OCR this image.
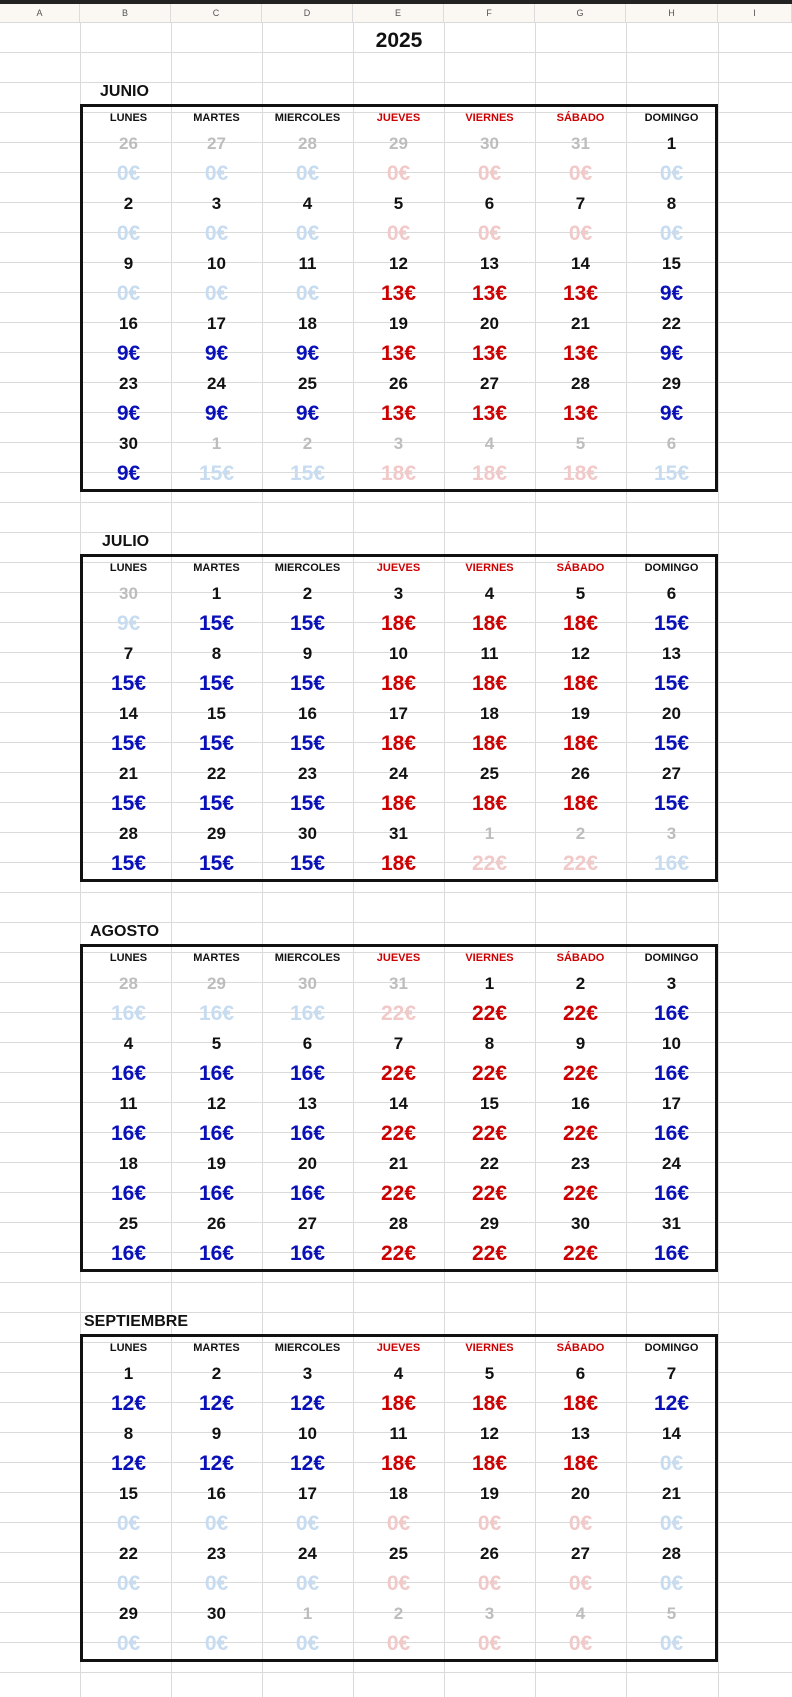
A	B	C	D	E	F	G	H	I
2025
JUNIO
LUNES	MARTES	MIERCOLES	JUEVES	VIERNES	SÁBADO	DOMINGO
26	27	28	29	30	31	1
0€	0€	0€	0€	0€	0€	0€
2	3	4	5	6	7	8
0€	0€	0€	0€	0€	0€	0€
9	10	11	12	13	14	15
0€	0€	0€	13€	13€	13€	9€
16	17	18	19	20	21	22
9€	9€	9€	13€	13€	13€	9€
23	24	25	26	27	28	29
9€	9€	9€	13€	13€	13€	9€
30	1	2	3	4	5	6
9€	15€	15€	18€	18€	18€	15€
JULIO
LUNES	MARTES	MIERCOLES	JUEVES	VIERNES	SÁBADO	DOMINGO
30	1	2	3	4	5	6
9€	15€	15€	18€	18€	18€	15€
7	8	9	10	11	12	13
15€	15€	15€	18€	18€	18€	15€
14	15	16	17	18	19	20
15€	15€	15€	18€	18€	18€	15€
21	22	23	24	25	26	27
15€	15€	15€	18€	18€	18€	15€
28	29	30	31	1	2	3
15€	15€	15€	18€	22€	22€	16€
AGOSTO
LUNES	MARTES	MIERCOLES	JUEVES	VIERNES	SÁBADO	DOMINGO
28	29	30	31	1	2	3
16€	16€	16€	22€	22€	22€	16€
4	5	6	7	8	9	10
16€	16€	16€	22€	22€	22€	16€
11	12	13	14	15	16	17
16€	16€	16€	22€	22€	22€	16€
18	19	20	21	22	23	24
16€	16€	16€	22€	22€	22€	16€
25	26	27	28	29	30	31
16€	16€	16€	22€	22€	22€	16€
SEPTIEMBRE
LUNES	MARTES	MIERCOLES	JUEVES	VIERNES	SÁBADO	DOMINGO
1	2	3	4	5	6	7
12€	12€	12€	18€	18€	18€	12€
8	9	10	11	12	13	14
12€	12€	12€	18€	18€	18€	0€
15	16	17	18	19	20	21
0€	0€	0€	0€	0€	0€	0€
22	23	24	25	26	27	28
0€	0€	0€	0€	0€	0€	0€
29	30	1	2	3	4	5
0€	0€	0€	0€	0€	0€	0€
